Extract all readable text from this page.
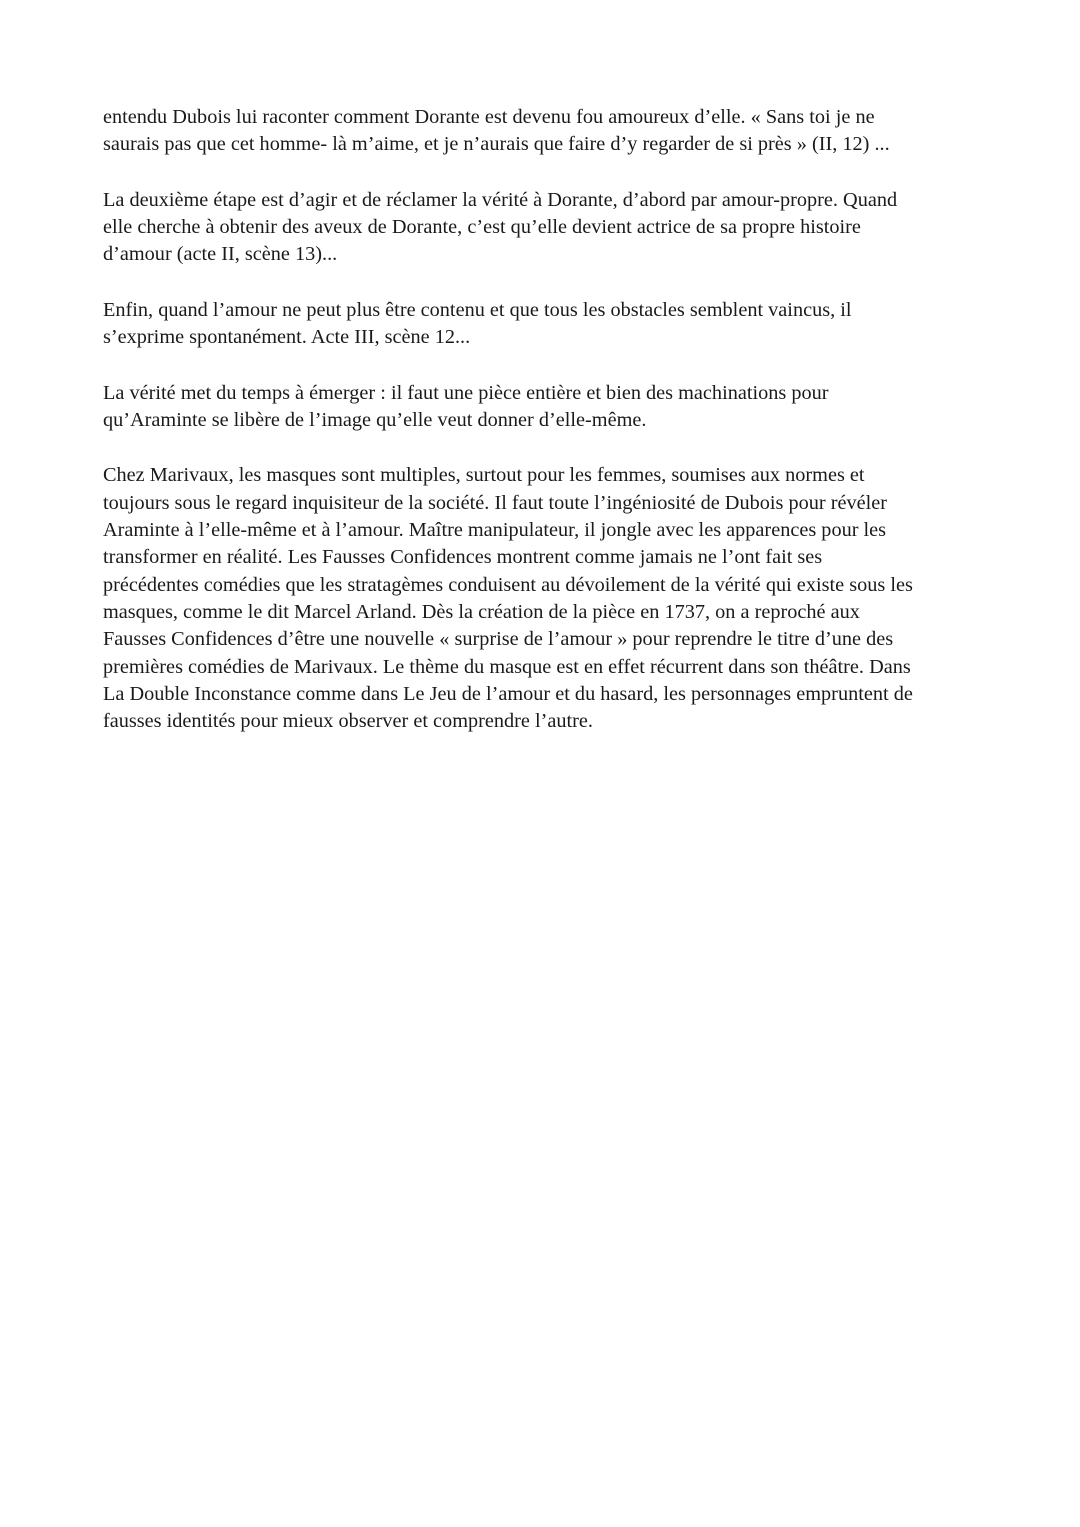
entendu Dubois lui raconter comment Dorante est devenu fou amoureux d’elle. « Sans toi je ne
saurais pas que cet homme- là m’aime, et je n’aurais que faire d’y regarder de si près » (II, 12) ...

La deuxième étape est d’agir et de réclamer la vérité à Dorante, d’abord par amour-propre. Quand
elle cherche à obtenir des aveux de Dorante, c’est qu’elle devient actrice de sa propre histoire
d’amour (acte II, scène 13)...

Enfin, quand l’amour ne peut plus être contenu et que tous les obstacles semblent vaincus, il
s’exprime spontanément. Acte III, scène 12...

La vérité met du temps à émerger : il faut une pièce entière et bien des machinations pour
qu’Araminte se libère de l’image qu’elle veut donner d’elle-même.

Chez Marivaux, les masques sont multiples, surtout pour les femmes, soumises aux normes et
toujours sous le regard inquisiteur de la société. Il faut toute l’ingéniosité de Dubois pour révéler
Araminte à l’elle-même et à l’amour. Maître manipulateur, il jongle avec les apparences pour les
transformer en réalité. Les Fausses Confidences montrent comme jamais ne l’ont fait ses
précédentes comédies que les stratagèmes conduisent au dévoilement de la vérité qui existe sous les
masques, comme le dit Marcel Arland. Dès la création de la pièce en 1737, on a reproché aux
Fausses Confidences d’être une nouvelle « surprise de l’amour » pour reprendre le titre d’une des
premières comédies de Marivaux. Le thème du masque est en effet récurrent dans son théâtre. Dans
La Double Inconstance comme dans Le Jeu de l’amour et du hasard, les personnages empruntent de
fausses identités pour mieux observer et comprendre l’autre.
